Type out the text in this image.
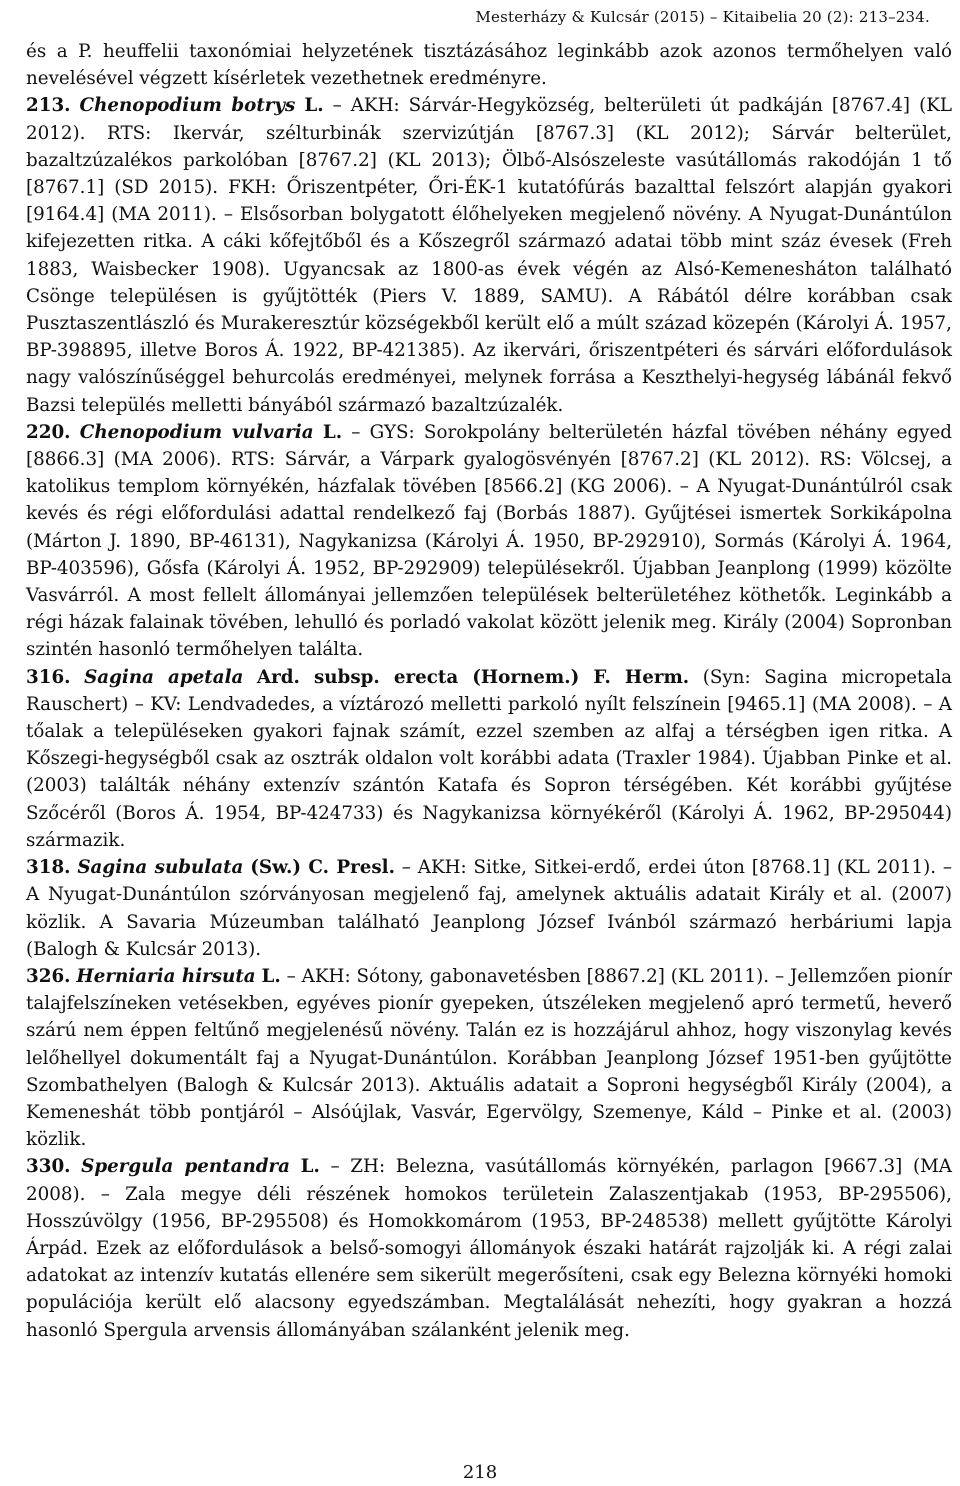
Mesterházy & Kulcsár (2015) – Kitaibelia 20 (2): 213–234.

és a P. heuffelii taxonómiai helyzetének tisztázásához leginkább azok azonos termőhelyen való nevelésével végzett kísérletek vezethetnek eredményre.

213. Chenopodium botrys L. – AKH: Sárvár-Hegyközség, belterületi út padkáján [8767.4] (KL 2012). RTS: Ikervár, szélturbinák szervizútján [8767.3] (KL 2012); Sárvár belterület, bazaltzúzalékos parkolóban [8767.2] (KL 2013); Ölbő-Alsószeleste vasútállomás rakodóján 1 tő [8767.1] (SD 2015). FKH: Őriszentpéter, Őri-ÉK-1 kutatófúrás bazalttal felszórt alapján gyakori [9164.4] (MA 2011). – Elsősorban bolygatott élőhelyeken megjelenő növény. A Nyugat-Dunántúlon kifejezetten ritka. A cáki kőfejtőből és a Kőszegről származó adatai több mint száz évesek (Freh 1883, Waisbecker 1908). Ugyancsak az 1800-as évek végén az Alsó-Kemenesháton található Csönge településen is gyűjtötték (Piers V. 1889, SAMU). A Rábától délre korábban csak Pusztaszentlászló és Murakeresztúr községekből került elő a múlt század közepén (Károlyi Á. 1957, BP-398895, illetve Boros Á. 1922, BP-421385). Az ikervári, őriszentpéteri és sárvári előfordulások nagy valószínűséggel behurcolás eredményei, melynek forrása a Keszthelyi-hegység lábánál fekvő Bazsi település melletti bányából származó bazaltzúzalék.

220. Chenopodium vulvaria L. – GYS: Sorokpolány belterületén házfal tövében néhány egyed [8866.3] (MA 2006). RTS: Sárvár, a Várpark gyalogösvényén [8767.2] (KL 2012). RS: Völcsej, a katolikus templom környékén, házfalak tövében [8566.2] (KG 2006). – A Nyugat-Dunántúlról csak kevés és régi előfordulási adattal rendelkező faj (Borbás 1887). Gyűjtései ismertek Sorkikápolna (Márton J. 1890, BP-46131), Nagykanizsa (Károlyi Á. 1950, BP-292910), Sormás (Károlyi Á. 1964, BP-403596), Gősfa (Károlyi Á. 1952, BP-292909) településekről. Újabban Jeanplong (1999) közölte Vasvárról. A most fellelt állományai jellemzően települések belterületéhez köthetők. Leginkább a régi házak falainak tövében, lehulló és porladó vakolat között jelenik meg. Király (2004) Sopronban szintén hasonló termőhelyen találta.

316. Sagina apetala Ard. subsp. erecta (Hornem.) F. Herm. (Syn: Sagina micropetala Rauschert) – KV: Lendvadedes, a víztározó melletti parkoló nyílt felszínein [9465.1] (MA 2008). – A tőalak a településeken gyakori fajnak számít, ezzel szemben az alfaj a térségben igen ritka. A Kőszegi-hegységből csak az osztrák oldalon volt korábbi adata (Traxler 1984). Újabban Pinke et al. (2003) találták néhány extenzív szántón Katafa és Sopron térségében. Két korábbi gyűjtése Szőcéről (Boros Á. 1954, BP-424733) és Nagykanizsa környékéről (Károlyi Á. 1962, BP-295044) származik.

318. Sagina subulata (Sw.) C. Presl. – AKH: Sitke, Sitkei-erdő, erdei úton [8768.1] (KL 2011). – A Nyugat-Dunántúlon szórványosan megjelenő faj, amelynek aktuális adatait Király et al. (2007) közlik. A Savaria Múzeumban található Jeanplong József Ivánból származó herbáriumi lapja (Balogh & Kulcsár 2013).

326. Herniaria hirsuta L. – AKH: Sótony, gabonavetésben [8867.2] (KL 2011). – Jellemzően pionír talajfelszíneken vetésekben, egyéves pionír gyepeken, útszéleken megjelenő apró termetű, heverő szárú nem éppen feltűnő megjelenésű növény. Talán ez is hozzájárul ahhoz, hogy viszonylag kevés lelőhellyel dokumentált faj a Nyugat-Dunántúlon. Korábban Jeanplong József 1951-ben gyűjtötte Szombathelyen (Balogh & Kulcsár 2013). Aktuális adatait a Soproni hegységből Király (2004), a Kemeneshát több pontjáról – Alsóújlak, Vasvár, Egervölgy, Szemenye, Káld – Pinke et al. (2003) közlik.

330. Spergula pentandra L. – ZH: Belezna, vasútállomás környékén, parlagon [9667.3] (MA 2008). – Zala megye déli részének homokos területein Zalaszentjakab (1953, BP-295506), Hosszúvölgy (1956, BP-295508) és Homokkomárom (1953, BP-248538) mellett gyűjtötte Károlyi Árpád. Ezek az előfordulások a belső-somogyi állományok északi határát rajzolják ki. A régi zalai adatokat az intenzív kutatás ellenére sem sikerült megerősíteni, csak egy Belezna környéki homoki populációja került elő alacsony egyedszámban. Megtalálását nehezíti, hogy gyakran a hozzá hasonló Spergula arvensis állományában szálanként jelenik meg.

218
